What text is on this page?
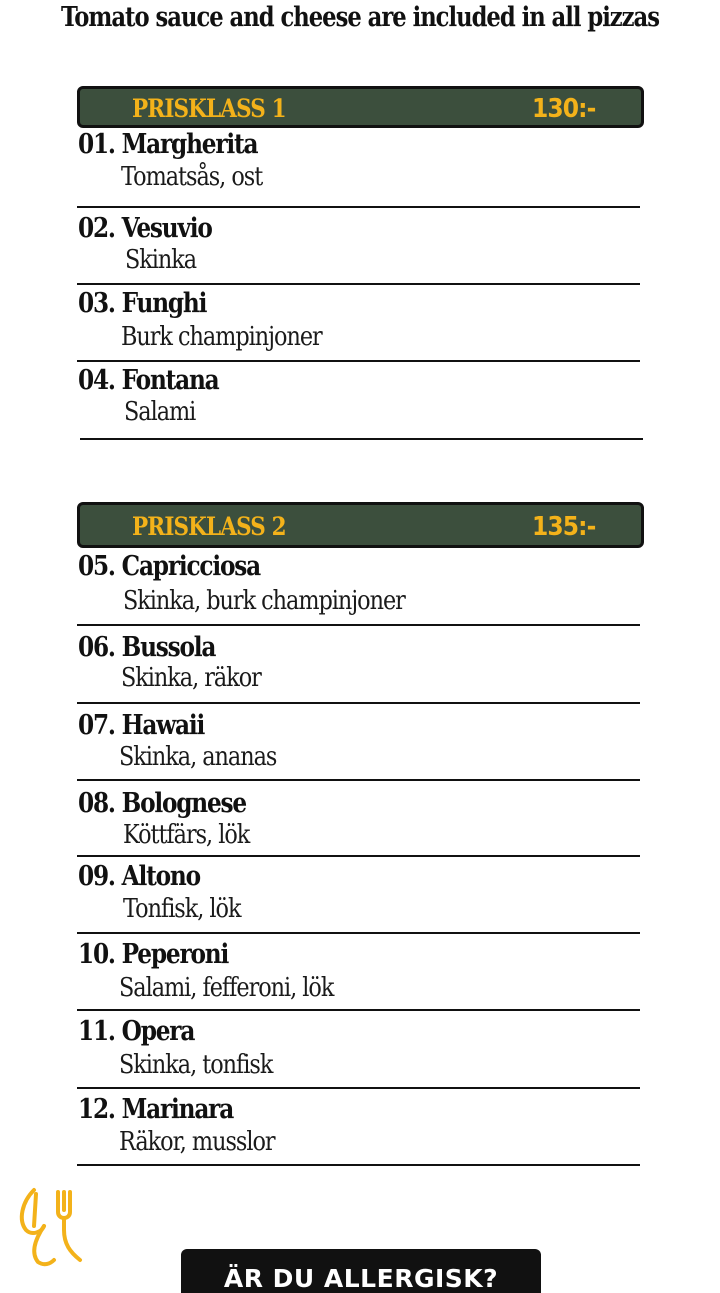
Tomato sauce and cheese are included in all pizzas
PRISKLASS 1	130:-
01. Margherita
Tomatsås, ost
02. Vesuvio
Skinka
03. Funghi
Burk champinjoner
04. Fontana
Salami
PRISKLASS 2	135:-
05. Capricciosa
Skinka, burk champinjoner
06. Bussola
Skinka, räkor
07. Hawaii
Skinka, ananas
08. Bolognese
Köttfärs, lök
09. Altono
Tonfisk, lök
10. Peperoni
Salami, fefferoni, lök
11. Opera
Skinka, tonfisk
12. Marinara
Räkor, musslor
ÄR DU ALLERGISK?
